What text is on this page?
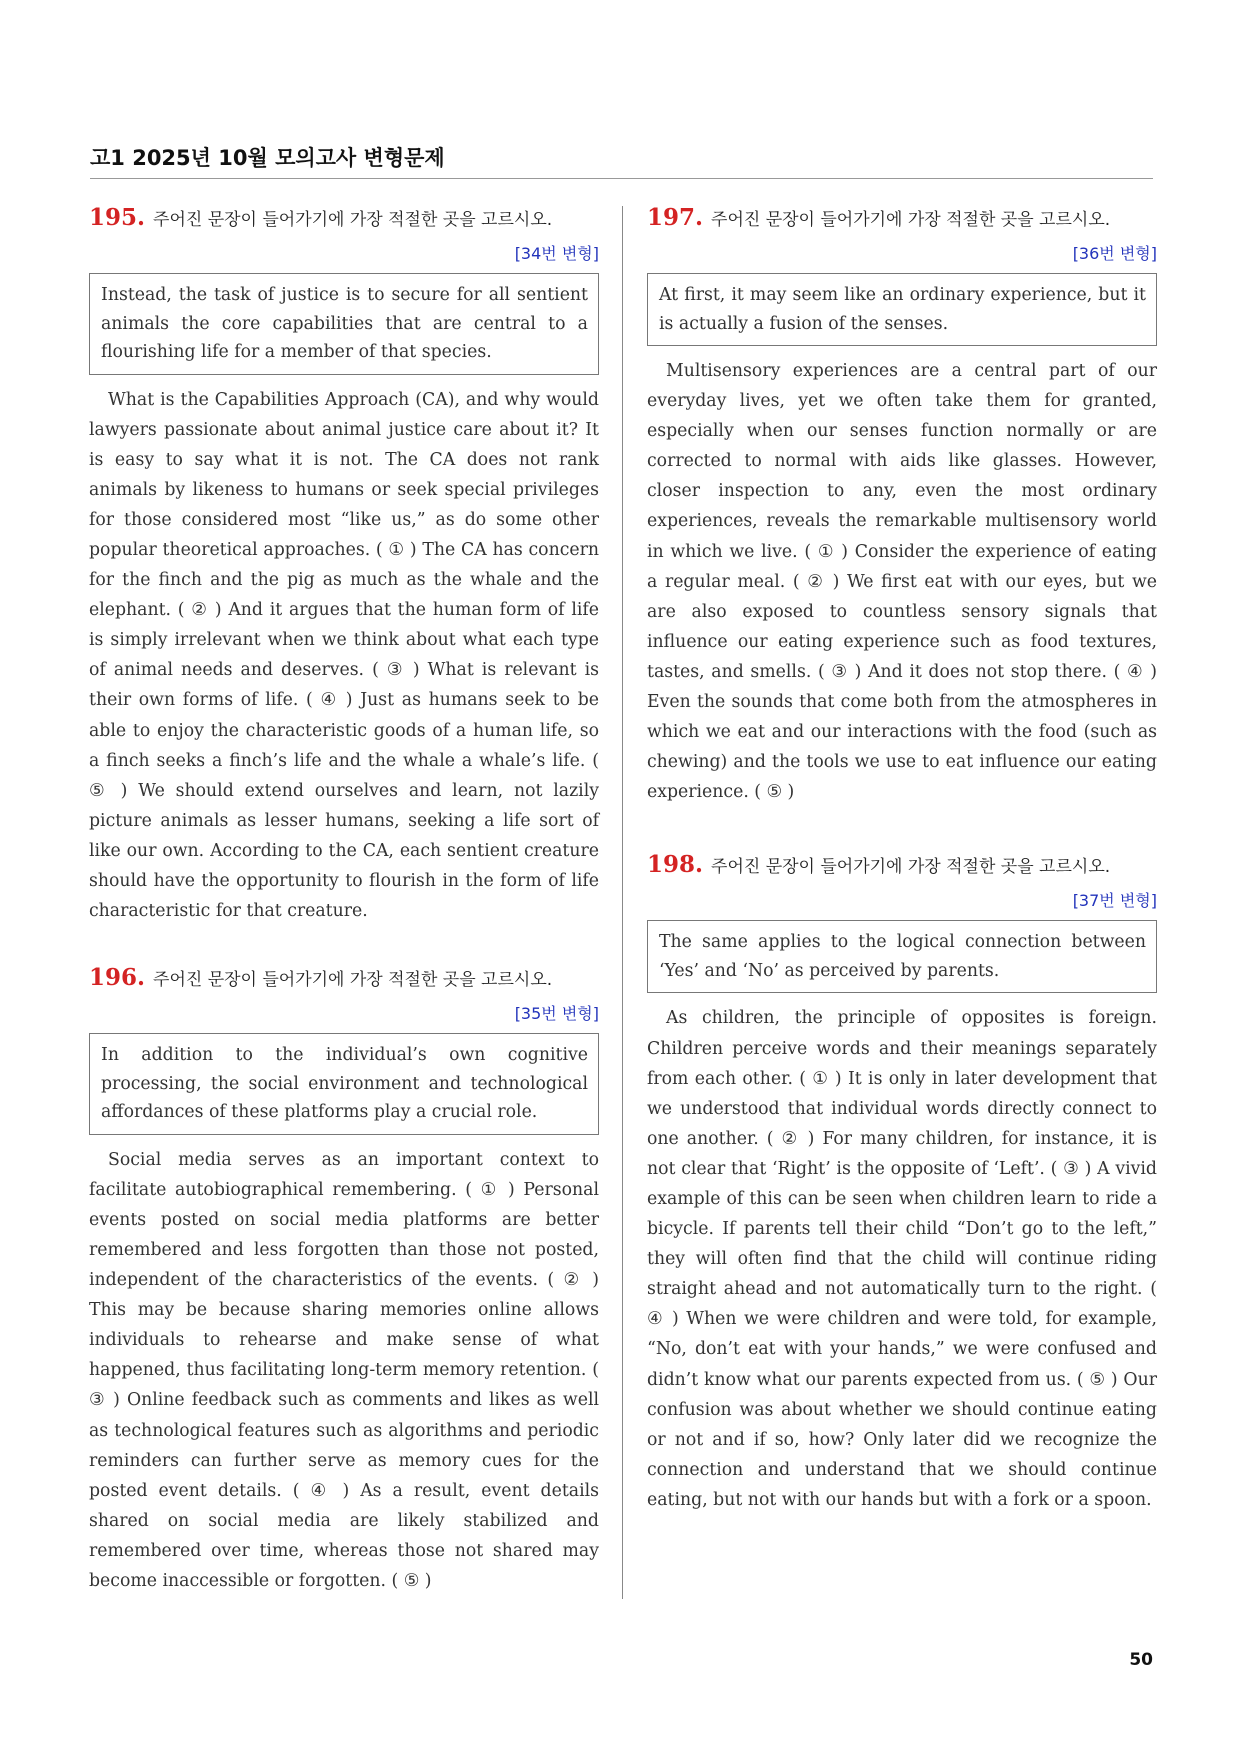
고1 2025년 10월 모의고사 변형문제
195. 주어진 문장이 들어가기에 가장 적절한 곳을 고르시오.
[34번 변형]
Instead, the task of justice is to secure for all sentient animals the core capabilities that are central to a flourishing life for a member of that species.
What is the Capabilities Approach (CA), and why would lawyers passionate about animal justice care about it? It is easy to say what it is not. The CA does not rank animals by likeness to humans or seek special privileges for those considered most “like us,” as do some other popular theoretical approaches. ( ① ) The CA has concern for the finch and the pig as much as the whale and the elephant. ( ② ) And it argues that the human form of life is simply irrelevant when we think about what each type of animal needs and deserves. ( ③ ) What is relevant is their own forms of life. ( ④ ) Just as humans seek to be able to enjoy the characteristic goods of a human life, so a finch seeks a finch’s life and the whale a whale’s life. ( ⑤ ) We should extend ourselves and learn, not lazily picture animals as lesser humans, seeking a life sort of like our own. According to the CA, each sentient creature should have the opportunity to flourish in the form of life characteristic for that creature.
196. 주어진 문장이 들어가기에 가장 적절한 곳을 고르시오.
[35번 변형]
In addition to the individual’s own cognitive processing, the social environment and technological affordances of these platforms play a crucial role.
Social media serves as an important context to facilitate autobiographical remembering. ( ① ) Personal events posted on social media platforms are better remembered and less forgotten than those not posted, independent of the characteristics of the events. ( ② ) This may be because sharing memories online allows individuals to rehearse and make sense of what happened, thus facilitating long-term memory retention. ( ③ ) Online feedback such as comments and likes as well as technological features such as algorithms and periodic reminders can further serve as memory cues for the posted event details. ( ④ ) As a result, event details shared on social media are likely stabilized and remembered over time, whereas those not shared may become inaccessible or forgotten. ( ⑤ )
197. 주어진 문장이 들어가기에 가장 적절한 곳을 고르시오.
[36번 변형]
At first, it may seem like an ordinary experience, but it is actually a fusion of the senses.
Multisensory experiences are a central part of our everyday lives, yet we often take them for granted, especially when our senses function normally or are corrected to normal with aids like glasses. However, closer inspection to any, even the most ordinary experiences, reveals the remarkable multisensory world in which we live. ( ① ) Consider the experience of eating a regular meal. ( ② ) We first eat with our eyes, but we are also exposed to countless sensory signals that influence our eating experience such as food textures, tastes, and smells. ( ③ ) And it does not stop there. ( ④ ) Even the sounds that come both from the atmospheres in which we eat and our interactions with the food (such as chewing) and the tools we use to eat influence our eating experience. ( ⑤ )
198. 주어진 문장이 들어가기에 가장 적절한 곳을 고르시오.
[37번 변형]
The same applies to the logical connection between ‘Yes’ and ‘No’ as perceived by parents.
As children, the principle of opposites is foreign. Children perceive words and their meanings separately from each other. ( ① ) It is only in later development that we understood that individual words directly connect to one another. ( ② ) For many children, for instance, it is not clear that ‘Right’ is the opposite of ‘Left’. ( ③ ) A vivid example of this can be seen when children learn to ride a bicycle. If parents tell their child “Don’t go to the left,” they will often find that the child will continue riding straight ahead and not automatically turn to the right. ( ④ ) When we were children and were told, for example, “No, don’t eat with your hands,” we were confused and didn’t know what our parents expected from us. ( ⑤ ) Our confusion was about whether we should continue eating or not and if so, how? Only later did we recognize the connection and understand that we should continue eating, but not with our hands but with a fork or a spoon.
50
